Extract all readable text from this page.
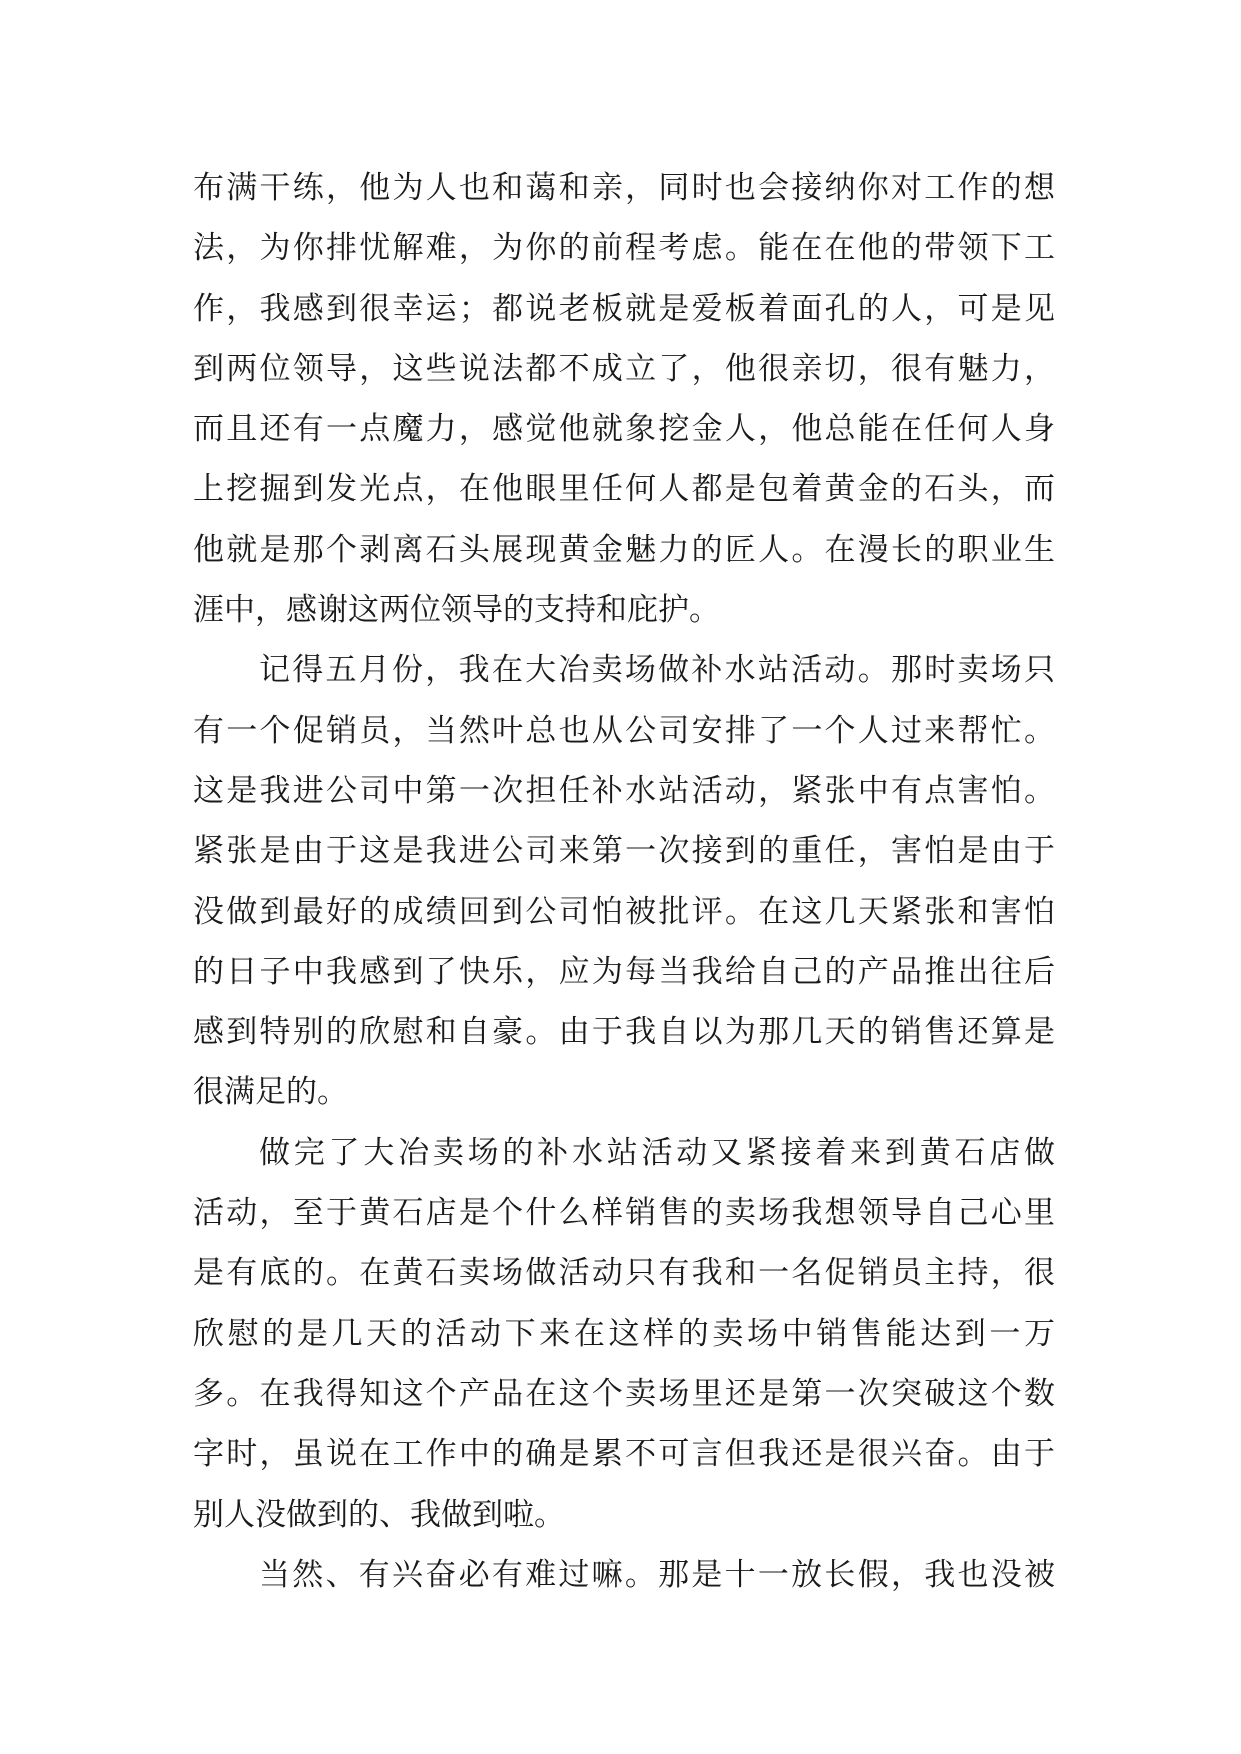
布满干练，他为人也和蔼和亲，同时也会接纳你对工作的想
法，为你排忧解难，为你的前程考虑。能在在他的带领下工
作，我感到很幸运；都说老板就是爱板着面孔的人，可是见
到两位领导，这些说法都不成立了，他很亲切，很有魅力，
而且还有一点魔力，感觉他就象挖金人，他总能在任何人身
上挖掘到发光点，在他眼里任何人都是包着黄金的石头，而
他就是那个剥离石头展现黄金魅力的匠人。在漫长的职业生
涯中，感谢这两位领导的支持和庇护。
记得五月份，我在大冶卖场做补水站活动。那时卖场只
有一个促销员，当然叶总也从公司安排了一个人过来帮忙。
这是我进公司中第一次担任补水站活动，紧张中有点害怕。
紧张是由于这是我进公司来第一次接到的重任，害怕是由于
没做到最好的成绩回到公司怕被批评。在这几天紧张和害怕
的日子中我感到了快乐，应为每当我给自己的产品推出往后
感到特别的欣慰和自豪。由于我自以为那几天的销售还算是
很满足的。
做完了大冶卖场的补水站活动又紧接着来到黄石店做
活动，至于黄石店是个什么样销售的卖场我想领导自己心里
是有底的。在黄石卖场做活动只有我和一名促销员主持，很
欣慰的是几天的活动下来在这样的卖场中销售能达到一万
多。在我得知这个产品在这个卖场里还是第一次突破这个数
字时，虽说在工作中的确是累不可言但我还是很兴奋。由于
别人没做到的、我做到啦。
当然、有兴奋必有难过嘛。那是十一放长假，我也没被
